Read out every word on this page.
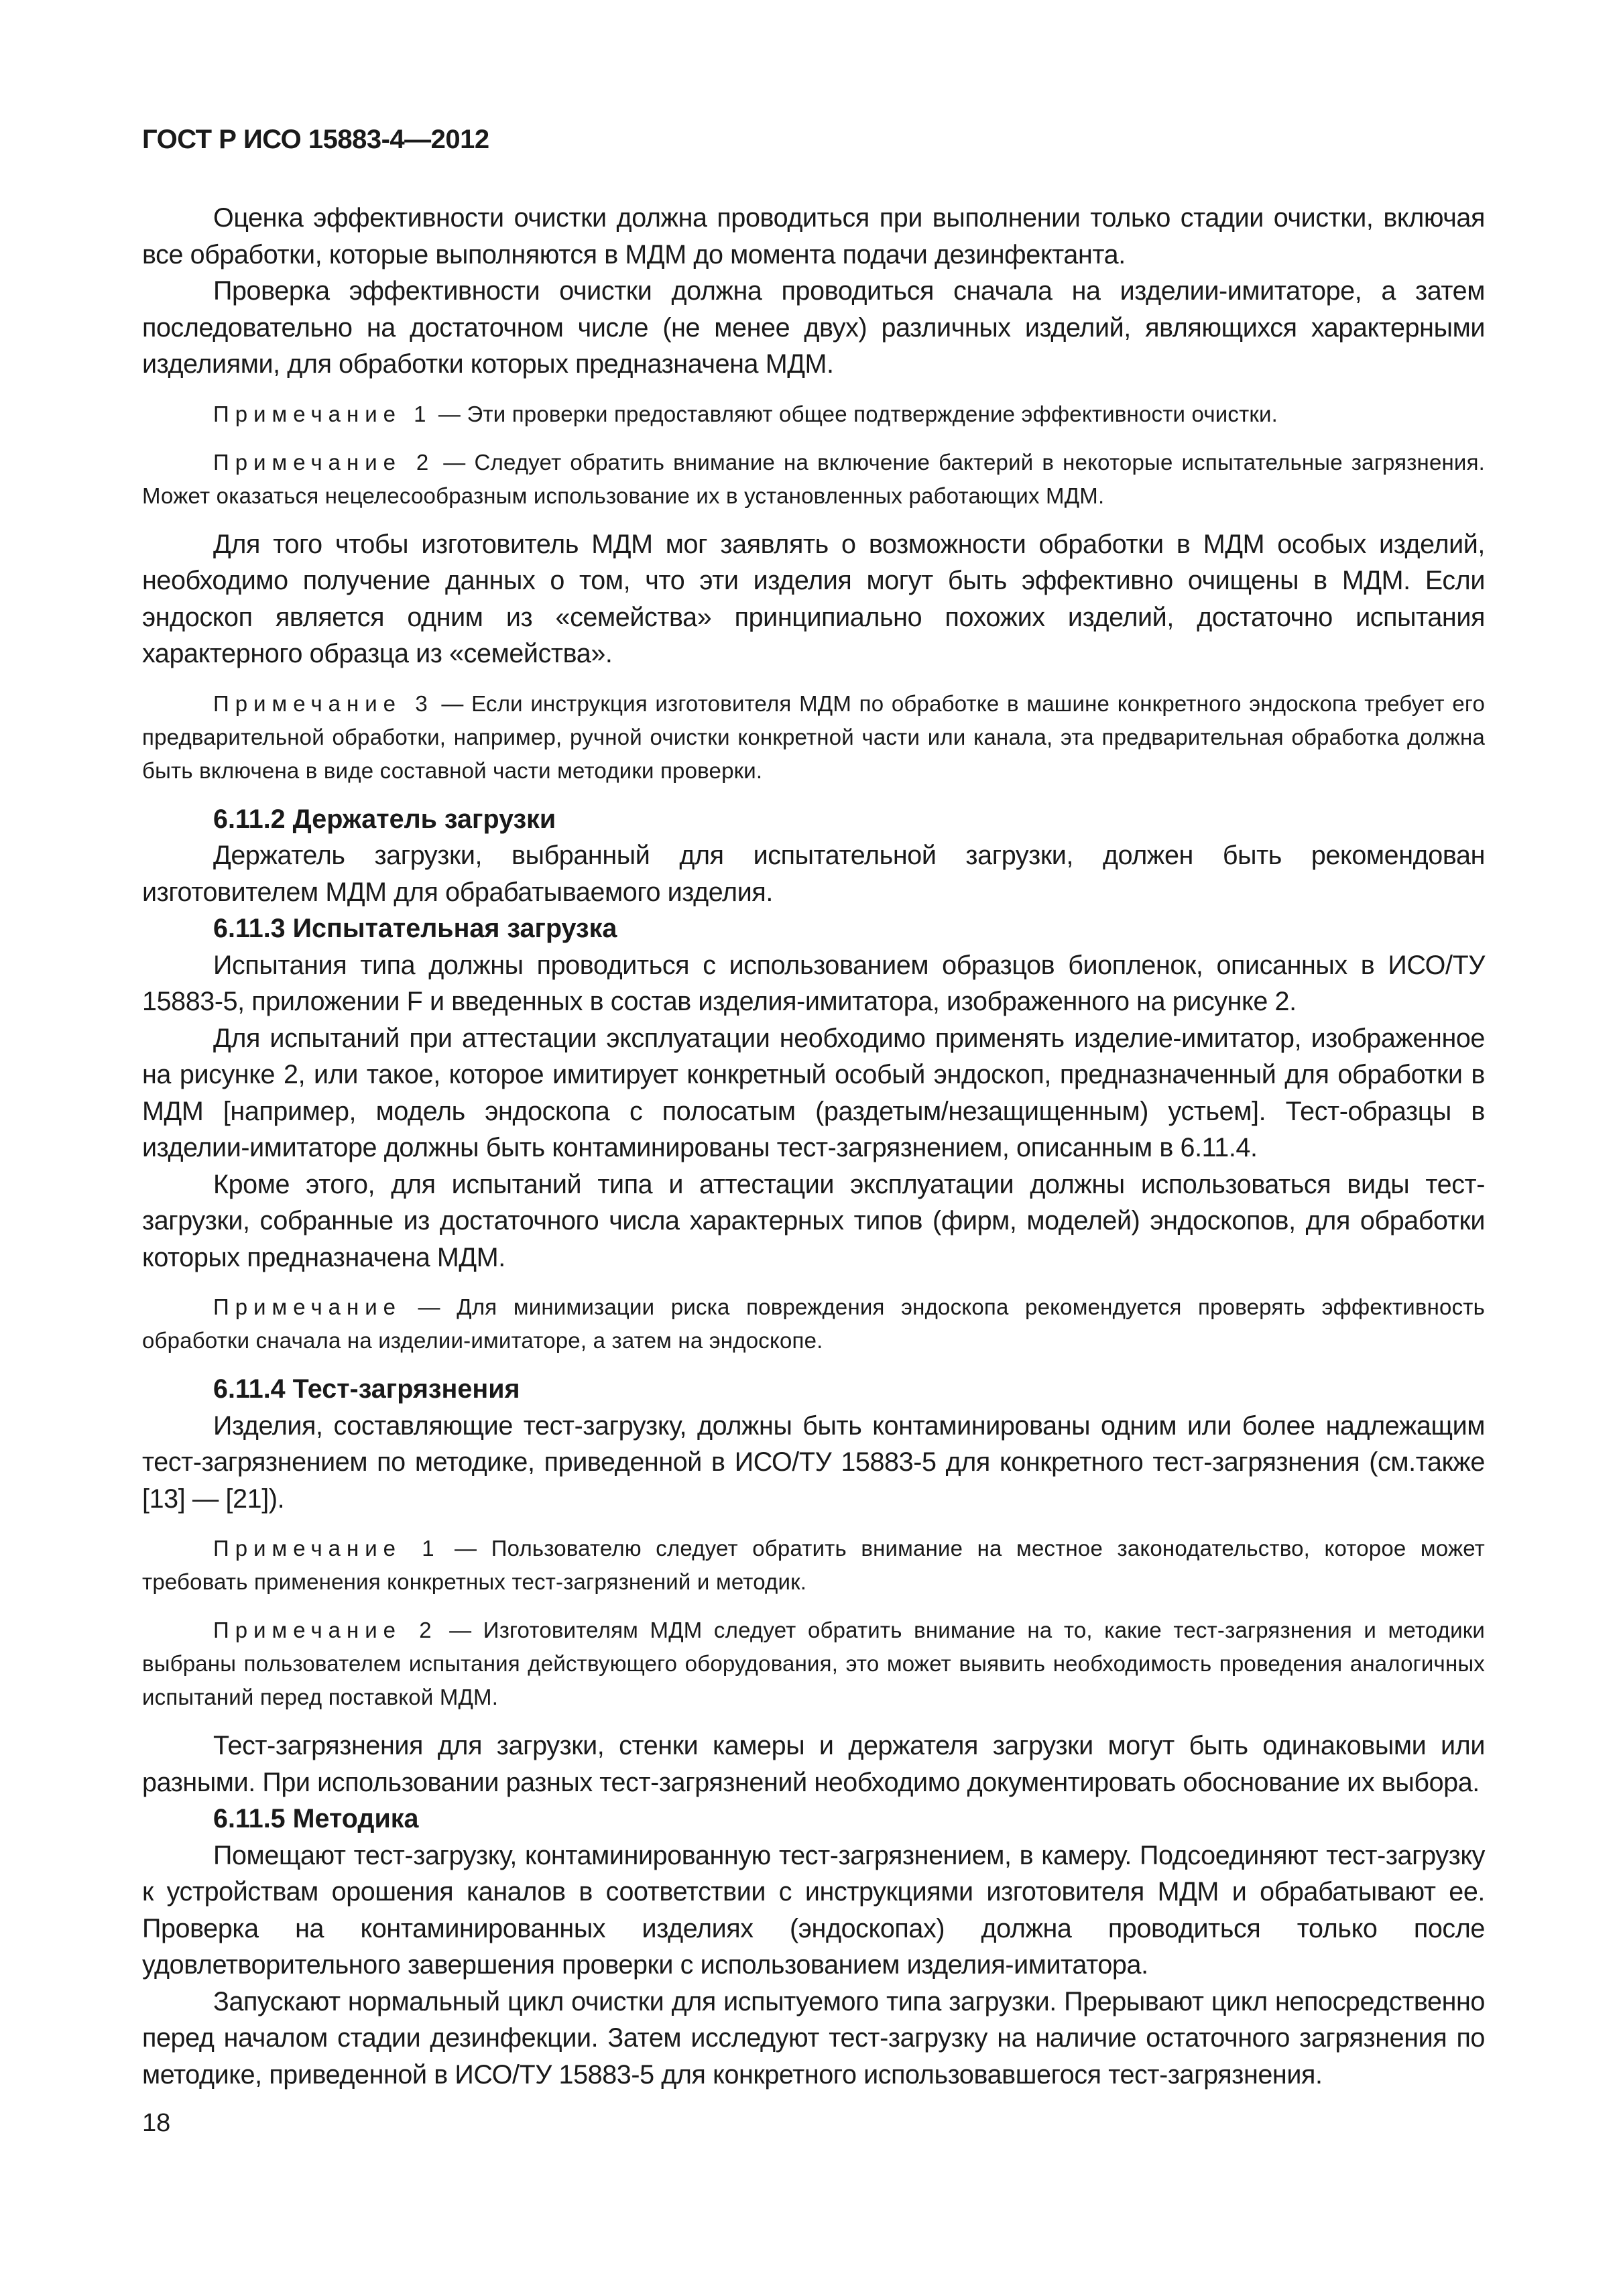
ГОСТ Р ИСО 15883-4—2012

Оценка эффективности очистки должна проводиться при выполнении только стадии очистки, включая все обработки, которые выполняются в МДМ до момента подачи дезинфектанта.

Проверка эффективности очистки должна проводиться сначала на изделии-имитаторе, а затем последовательно на достаточном числе (не менее двух) различных изделий, являющихся характерными изделиями, для обработки которых предназначена МДМ.

Примечание 1 — Эти проверки предоставляют общее подтверждение эффективности очистки.

Примечание 2 — Следует обратить внимание на включение бактерий в некоторые испытательные загрязнения. Может оказаться нецелесообразным использование их в установленных работающих МДМ.

Для того чтобы изготовитель МДМ мог заявлять о возможности обработки в МДМ особых изделий, необходимо получение данных о том, что эти изделия могут быть эффективно очищены в МДМ. Если эндоскоп является одним из «семейства» принципиально похожих изделий, достаточно испытания характерного образца из «семейства».

Примечание 3 — Если инструкция изготовителя МДМ по обработке в машине конкретного эндоскопа требует его предварительной обработки, например, ручной очистки конкретной части или канала, эта предварительная обработка должна быть включена в виде составной части методики проверки.

6.11.2 Держатель загрузки

Держатель загрузки, выбранный для испытательной загрузки, должен быть рекомендован изготовителем МДМ для обрабатываемого изделия.

6.11.3 Испытательная загрузка

Испытания типа должны проводиться с использованием образцов биопленок, описанных в ИСО/ТУ 15883-5, приложении F и введенных в состав изделия-имитатора, изображенного на рисунке 2.

Для испытаний при аттестации эксплуатации необходимо применять изделие-имитатор, изображенное на рисунке 2, или такое, которое имитирует конкретный особый эндоскоп, предназначенный для обработки в МДМ [например, модель эндоскопа с полосатым (раздетым/незащищенным) устьем]. Тест-образцы в изделии-имитаторе должны быть контаминированы тест-загрязнением, описанным в 6.11.4.

Кроме этого, для испытаний типа и аттестации эксплуатации должны использоваться виды тест-загрузки, собранные из достаточного числа характерных типов (фирм, моделей) эндоскопов, для обработки которых предназначена МДМ.

Примечание — Для минимизации риска повреждения эндоскопа рекомендуется проверять эффективность обработки сначала на изделии-имитаторе, а затем на эндоскопе.

6.11.4 Тест-загрязнения

Изделия, составляющие тест-загрузку, должны быть контаминированы одним или более надлежащим тест-загрязнением по методике, приведенной в ИСО/ТУ 15883-5 для конкретного тест-загрязнения (см.также [13] — [21]).

Примечание 1 — Пользователю следует обратить внимание на местное законодательство, которое может требовать применения конкретных тест-загрязнений и методик.

Примечание 2 — Изготовителям МДМ следует обратить внимание на то, какие тест-загрязнения и методики выбраны пользователем испытания действующего оборудования, это может выявить необходимость проведения аналогичных испытаний перед поставкой МДМ.

Тест-загрязнения для загрузки, стенки камеры и держателя загрузки могут быть одинаковыми или разными. При использовании разных тест-загрязнений необходимо документировать обоснование их выбора.

6.11.5 Методика

Помещают тест-загрузку, контаминированную тест-загрязнением, в камеру. Подсоединяют тест-загрузку к устройствам орошения каналов в соответствии с инструкциями изготовителя МДМ и обрабатывают ее. Проверка на контаминированных изделиях (эндоскопах) должна проводиться только после удовлетворительного завершения проверки с использованием изделия-имитатора.

Запускают нормальный цикл очистки для испытуемого типа загрузки. Прерывают цикл непосредственно перед началом стадии дезинфекции. Затем исследуют тест-загрузку на наличие остаточного загрязнения по методике, приведенной в ИСО/ТУ 15883-5 для конкретного использовавшегося тест-загрязнения.

18
